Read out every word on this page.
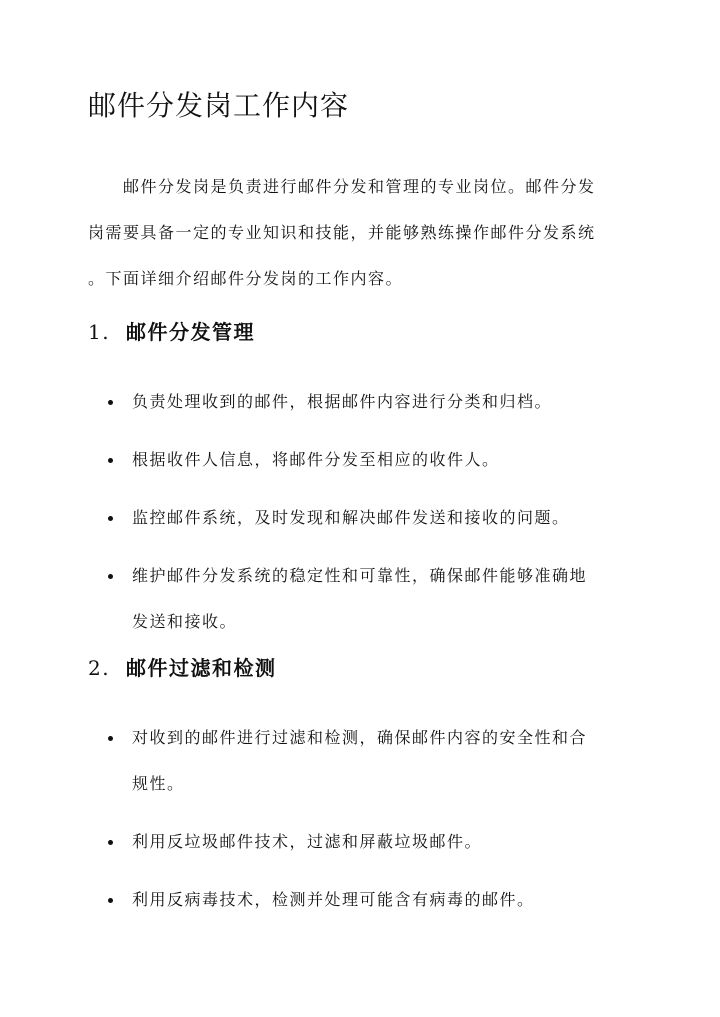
邮件分发岗工作内容

　　邮件分发岗是负责进行邮件分发和管理的专业岗位。邮件分发
岗需要具备一定的专业知识和技能，并能够熟练操作邮件分发系统
。下面详细介绍邮件分发岗的工作内容。

1. 邮件分发管理
负责处理收到的邮件，根据邮件内容进行分类和归档。
根据收件人信息，将邮件分发至相应的收件人。
监控邮件系统，及时发现和解决邮件发送和接收的问题。
维护邮件分发系统的稳定性和可靠性，确保邮件能够准确地
发送和接收。
2. 邮件过滤和检测
对收到的邮件进行过滤和检测，确保邮件内容的安全性和合
规性。
利用反垃圾邮件技术，过滤和屏蔽垃圾邮件。
利用反病毒技术，检测并处理可能含有病毒的邮件。
